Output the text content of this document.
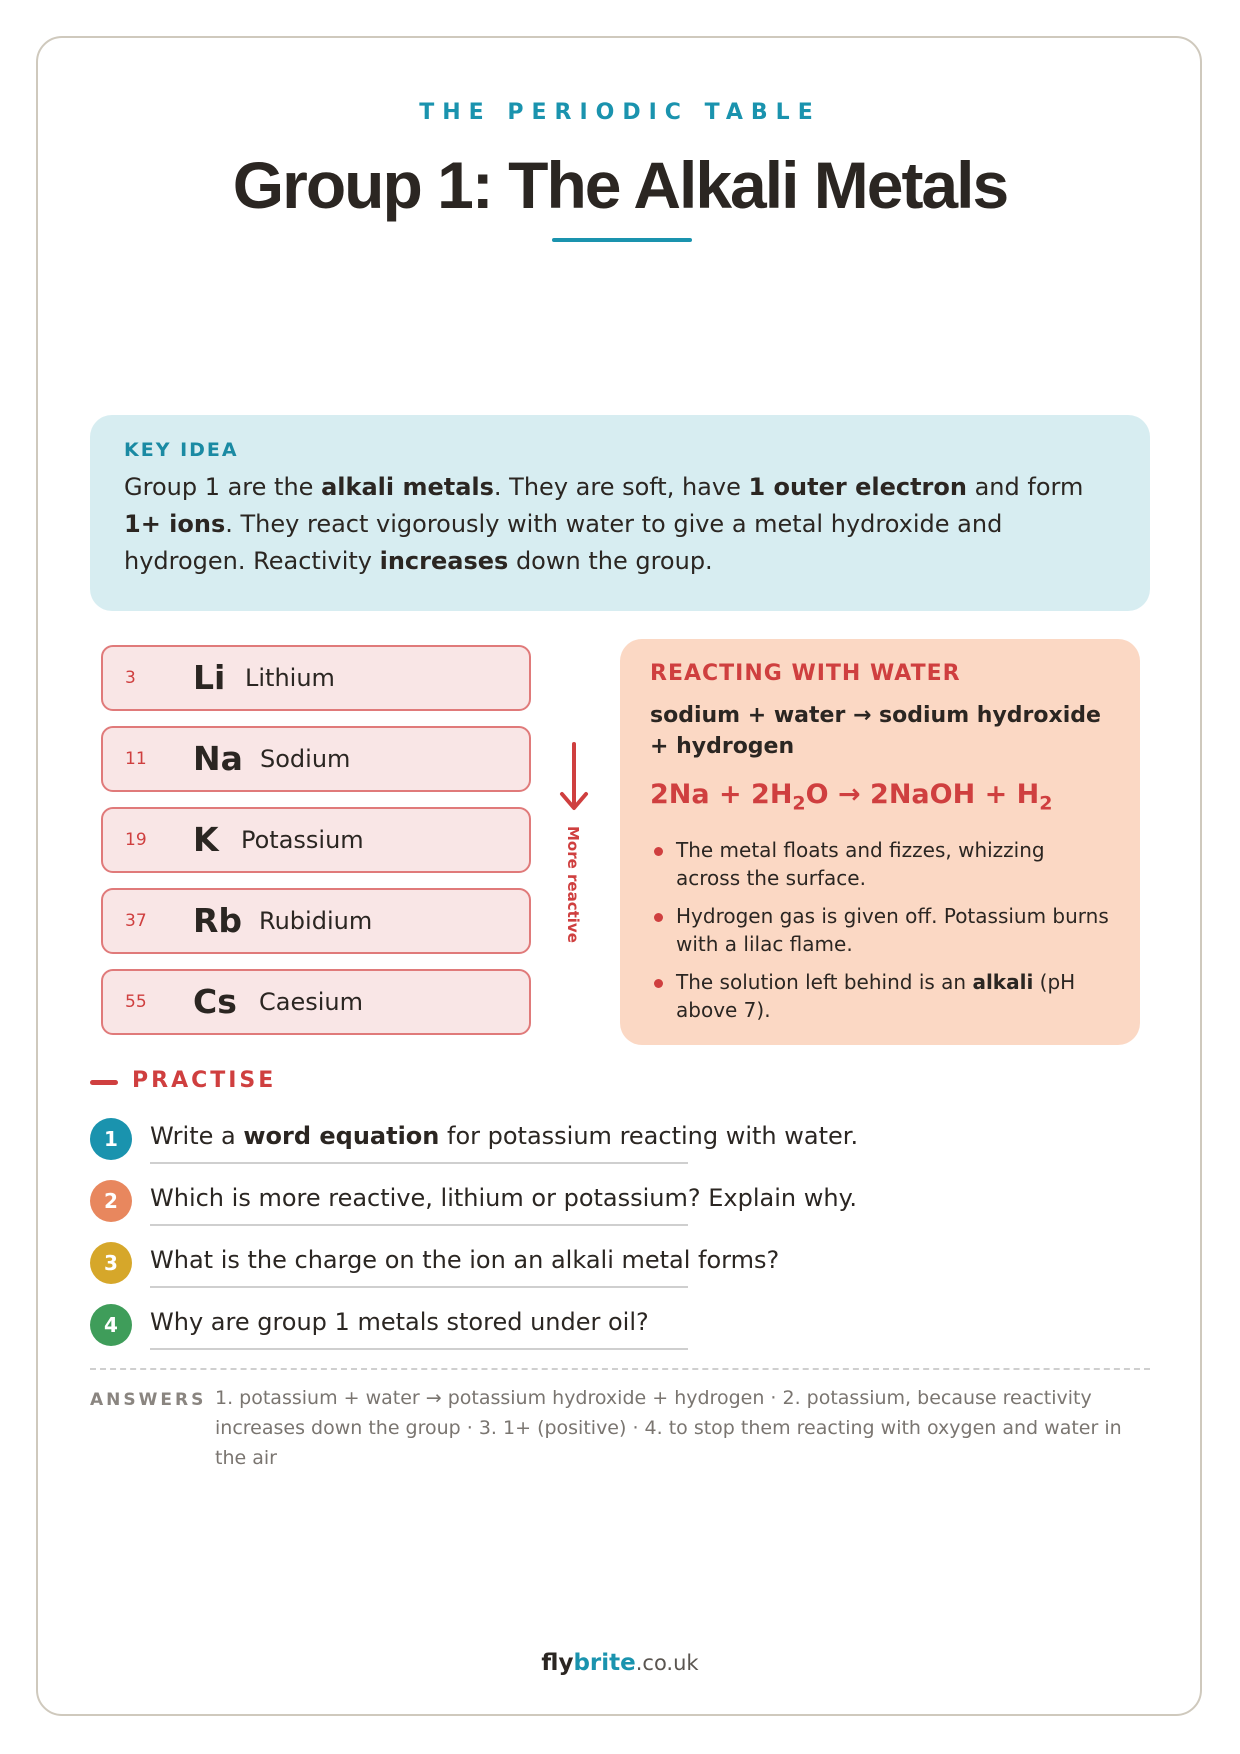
THE PERIODIC TABLE
Group 1: The Alkali Metals
KEY IDEA

Group 1 are the alkali metals. They are soft, have 1 outer electron and form 1+ ions. They react vigorously with water to give a metal hydroxide and hydrogen. Reactivity increases down the group.

3 Li Lithium
11 Na Sodium
19 K Potassium
37 Rb Rubidium
55 Cs Caesium
More reactive
REACTING WITH WATER

sodium + water → sodium hydroxide + hydrogen

$2Na + 2H_2O$ → 2NaOH + $H_2$

The metal floats and fizzes, whizzing across the surface.
Hydrogen gas is given off. Potassium burns with a lilac flame.
The solution left behind is an alkali (pH above 7).
PRACTISE
1	Write a word equation for potassium reacting with water.
2	Which is more reactive, lithium or potassium? Explain why.
3	What is the charge on the ion an alkali metal forms?
4	Why are group 1 metals stored under oil?
ANSWERS 1. potassium + water → potassium hydroxide + hydrogen · 2. potassium, because reactivity increases down the group · 3. 1+ (positive) · 4. to stop them reacting with oxygen and water in the air
flybrite.co.uk
